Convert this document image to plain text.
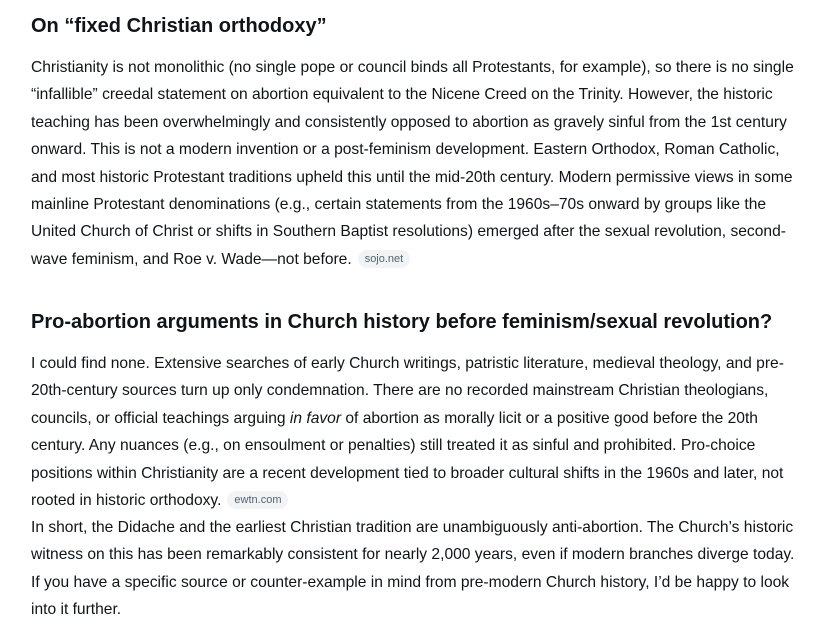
On “fixed Christian orthodoxy”

Christianity is not monolithic (no single pope or council binds all Protestants, for example), so there is no single “infallible” creedal statement on abortion equivalent to the Nicene Creed on the Trinity. However, the historic teaching has been overwhelmingly and consistently opposed to abortion as gravely sinful from the 1st century onward. This is not a modern invention or a post-feminism development. Eastern Orthodox, Roman Catholic, and most historic Protestant traditions upheld this until the mid-20th century. Modern permissive views in some mainline Protestant denominations (e.g., certain statements from the 1960s–70s onward by groups like the United Church of Christ or shifts in Southern Baptist resolutions) emerged after the sexual revolution, second-wave feminism, and Roe v. Wade—not before. sojo.net

Pro-abortion arguments in Church history before feminism/sexual revolution?

I could find none. Extensive searches of early Church writings, patristic literature, medieval theology, and pre-20th-century sources turn up only condemnation. There are no recorded mainstream Christian theologians, councils, or official teachings arguing in favor of abortion as morally licit or a positive good before the 20th century. Any nuances (e.g., on ensoulment or penalties) still treated it as sinful and prohibited. Pro-choice positions within Christianity are a recent development tied to broader cultural shifts in the 1960s and later, not rooted in historic orthodoxy. ewtn.com

In short, the Didache and the earliest Christian tradition are unambiguously anti-abortion. The Church’s historic witness on this has been remarkably consistent for nearly 2,000 years, even if modern branches diverge today. If you have a specific source or counter-example in mind from pre-modern Church history, I’d be happy to look into it further.
